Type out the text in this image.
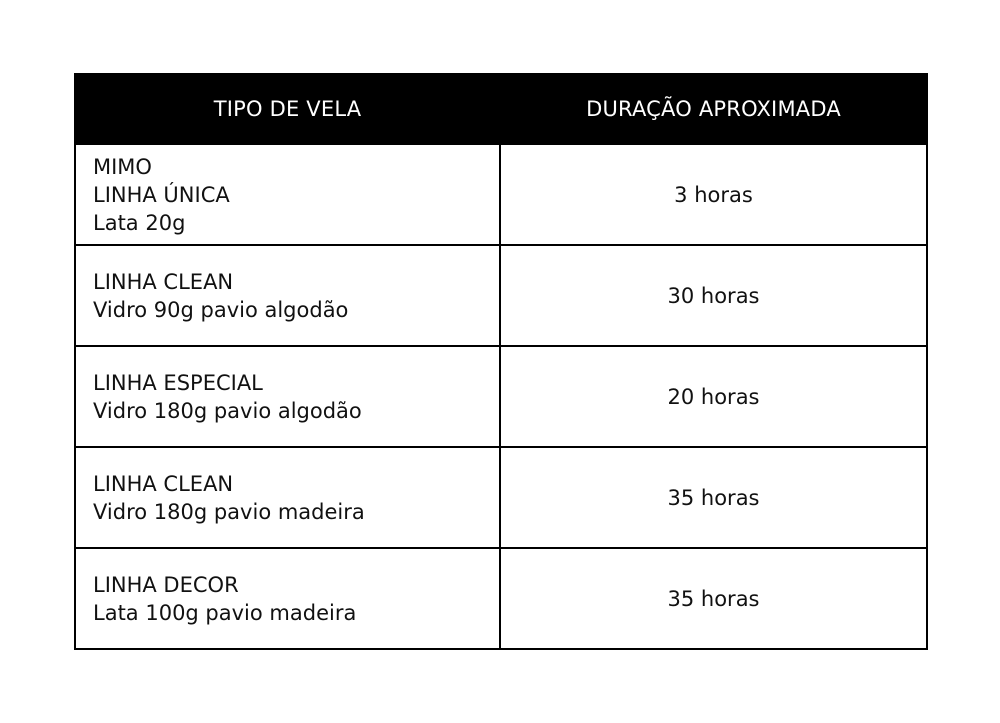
TIPO DE VELA	DURAÇÃO APROXIMADA

MIMO
LINHA ÚNICA
Lata 20g	3 horas

LINHA CLEAN
Vidro 90g pavio algodão	30 horas

LINHA ESPECIAL
Vidro 180g pavio algodão	20 horas

LINHA CLEAN
Vidro 180g pavio madeira	35 horas

LINHA DECOR
Lata 100g pavio madeira	35 horas
